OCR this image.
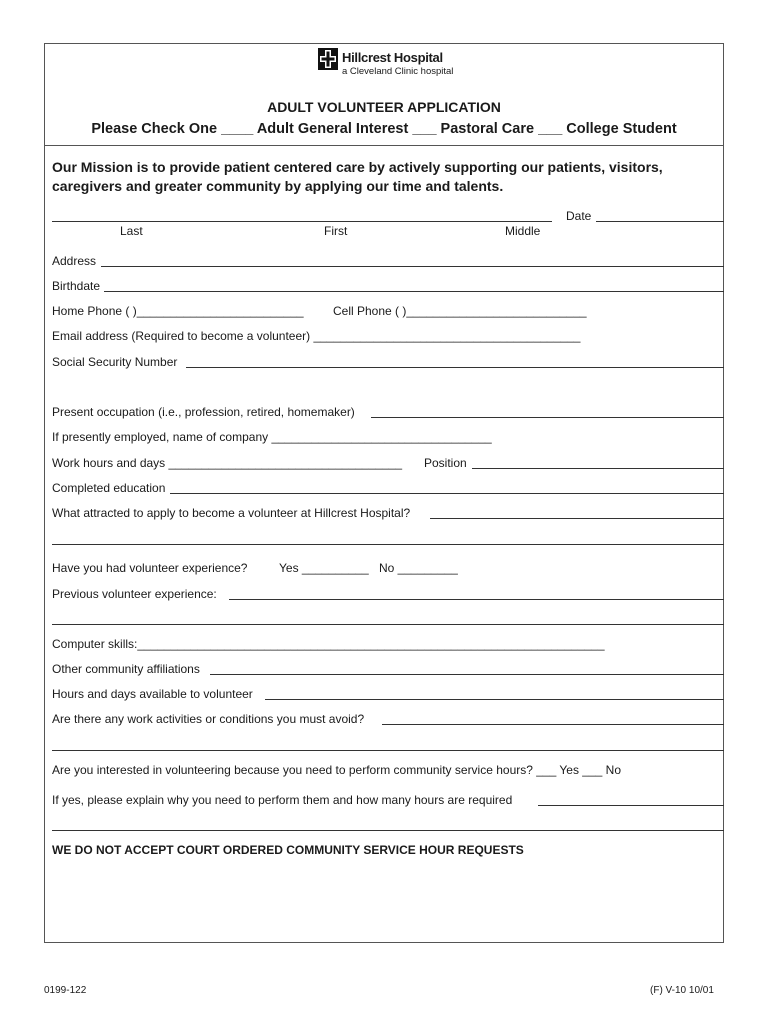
Hillcrest Hospital
a Cleveland Clinic hospital
ADULT VOLUNTEER APPLICATION
Please Check One ____ Adult General Interest ___ Pastoral Care ___ College Student
Our Mission is to provide patient centered care by actively supporting our patients, visitors, caregivers and greater community by applying our time and talents.
Date
Last	First	Middle
Address
Birthdate
Home Phone ( )_________________________ Cell Phone ( )___________________________
Email address (Required to become a volunteer) ________________________________________
Social Security Number
Present occupation (i.e., profession, retired, homemaker)
If presently employed, name of company _________________________________
Work hours and days ___________________________________ Position
Completed education
What attracted to apply to become a volunteer at Hillcrest Hospital?
Have you had volunteer experience?	Yes __________ No _________
Previous volunteer experience:
Computer skills:______________________________________________________________________
Other community affiliations
Hours and days available to volunteer
Are there any work activities or conditions you must avoid?
Are you interested in volunteering because you need to perform community service hours? ___ Yes ___ No
If yes, please explain why you need to perform them and how many hours are required
WE DO NOT ACCEPT COURT ORDERED COMMUNITY SERVICE HOUR REQUESTS
0199-122	(F) V-10 10/01
